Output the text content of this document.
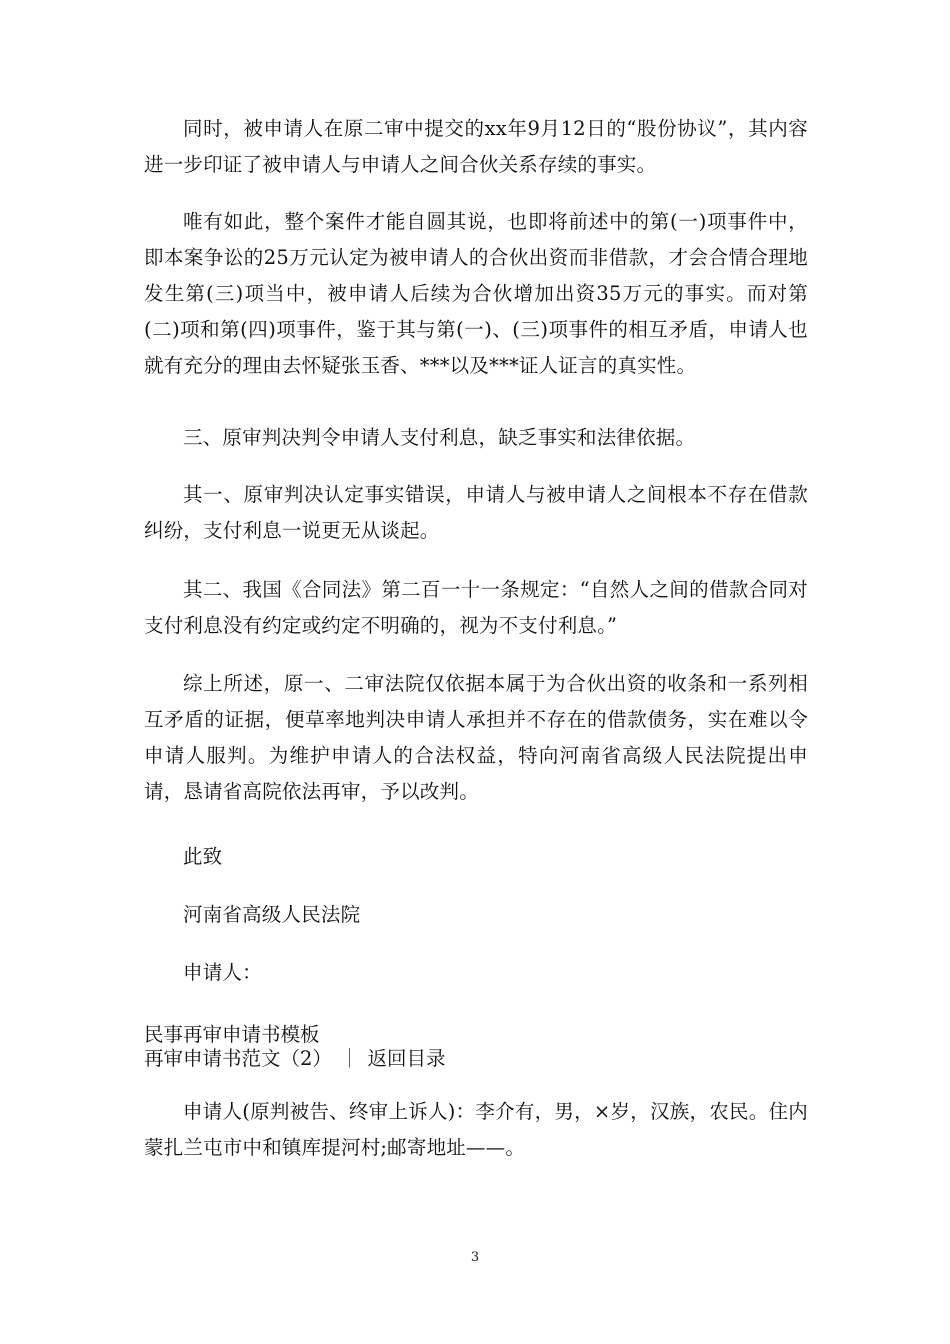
同时，被申请人在原二审中提交的xx年9月12日的“股份协议”，其内容进一步印证了被申请人与申请人之间合伙关系存续的事实。

唯有如此，整个案件才能自圆其说，也即将前述中的第(一)项事件中，即本案争讼的25万元认定为被申请人的合伙出资而非借款，才会合情合理地发生第(三)项当中，被申请人后续为合伙增加出资35万元的事实。而对第(二)项和第(四)项事件，鉴于其与第(一)、(三)项事件的相互矛盾，申请人也就有充分的理由去怀疑张玉香、***以及***证人证言的真实性。

三、原审判决判令申请人支付利息，缺乏事实和法律依据。

其一、原审判决认定事实错误，申请人与被申请人之间根本不存在借款纠纷，支付利息一说更无从谈起。

其二、我国《合同法》第二百一十一条规定：“自然人之间的借款合同对支付利息没有约定或约定不明确的，视为不支付利息。”

综上所述，原一、二审法院仅依据本属于为合伙出资的收条和一系列相互矛盾的证据，便草率地判决申请人承担并不存在的借款债务，实在难以令申请人服判。为维护申请人的合法权益，特向河南省高级人民法院提出申请，恳请省高院依法再审，予以改判。

此致

河南省高级人民法院

申请人：

民事再审申请书模板
再审申请书范文（2） ｜ 返回目录

申请人(原判被告、终审上诉人)：李介有，男，×岁，汉族，农民。住内蒙扎兰屯市中和镇库提河村;邮寄地址——。

3
